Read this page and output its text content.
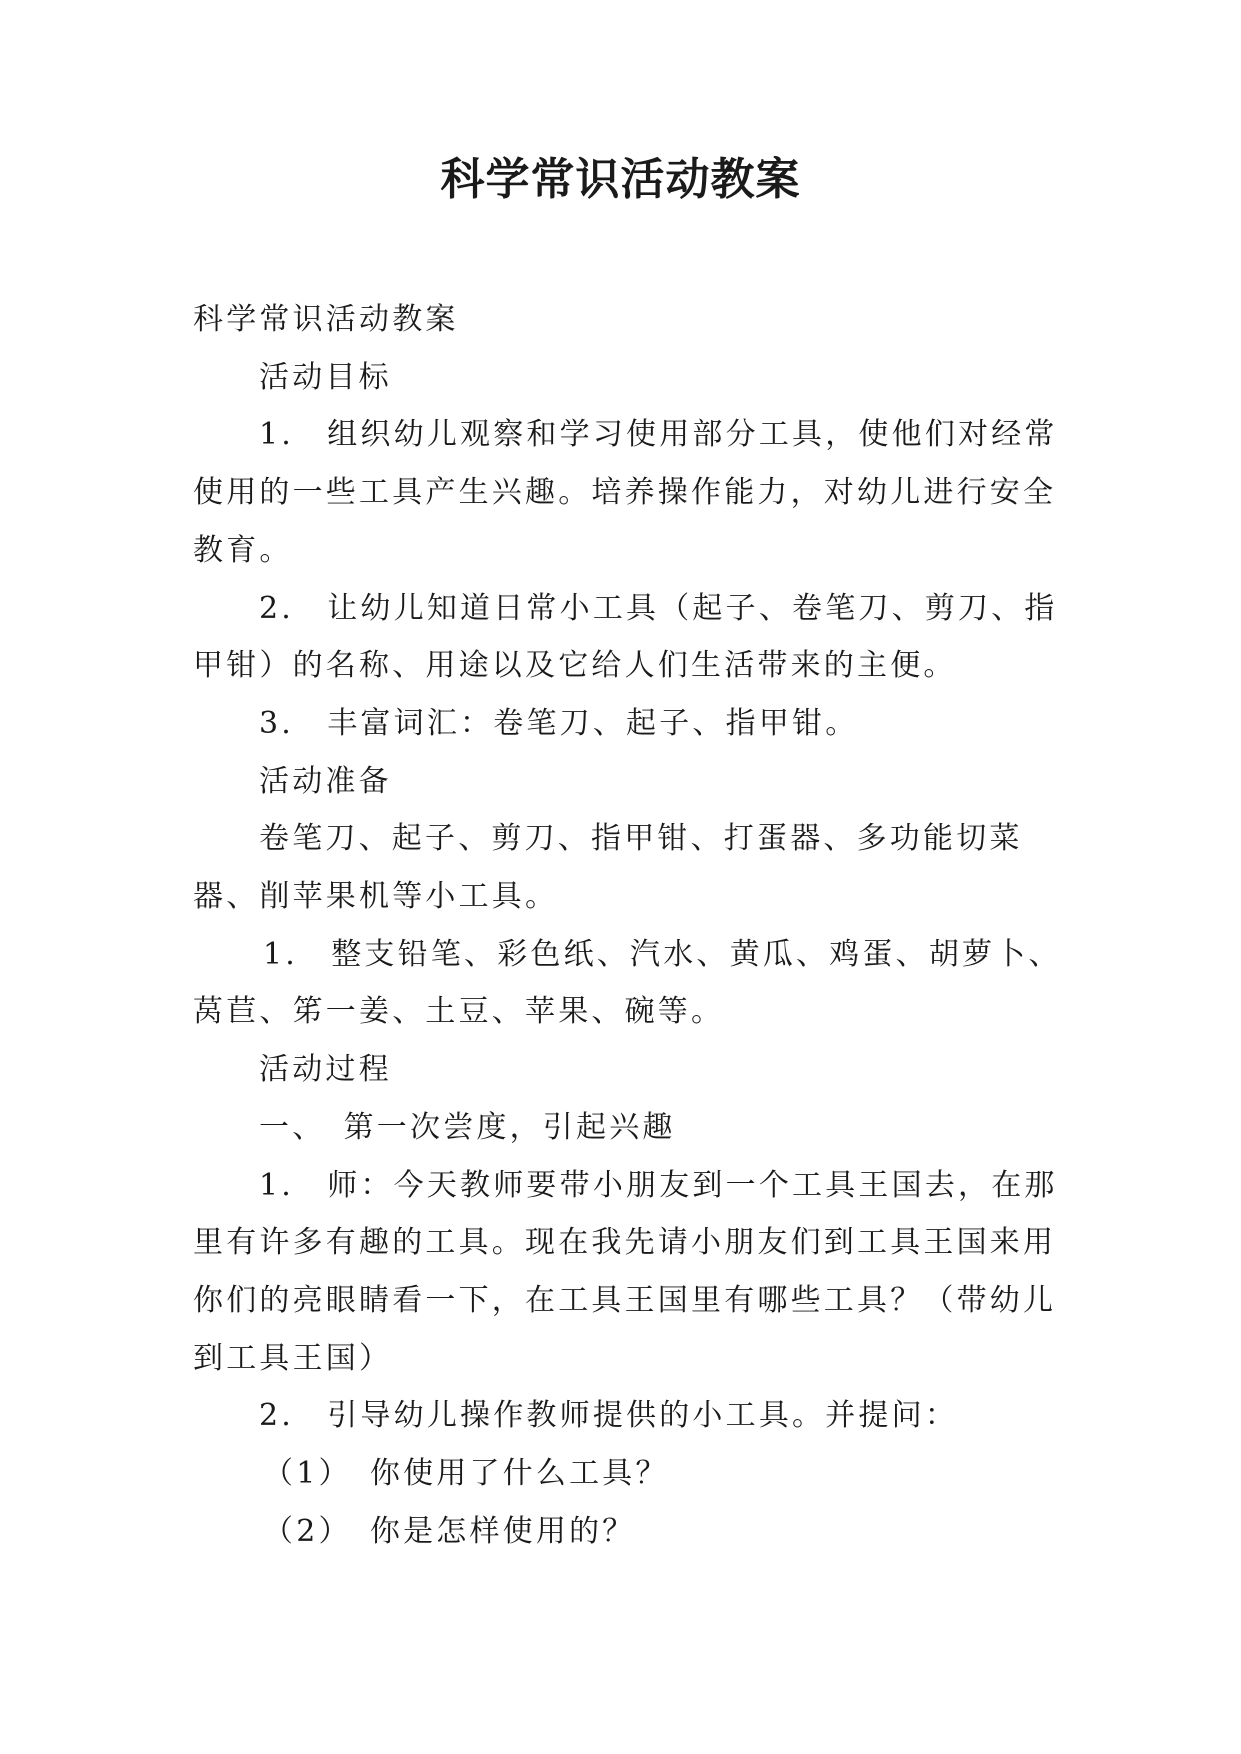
科学常识活动教案

科学常识活动教案

活动目标

1.　组织幼儿观察和学习使用部分工具，使他们对经常使用的一些工具产生兴趣。培养操作能力，对幼儿进行安全教育。

2.　让幼儿知道日常小工具（起子、卷笔刀、剪刀、指甲钳）的名称、用途以及它给人们生活带来的主便。

3.　丰富词汇：卷笔刀、起子、指甲钳。

活动准备

卷笔刀、起子、剪刀、指甲钳、打蛋器、多功能切菜器、削苹果机等小工具。

1.　整支铅笔、彩色纸、汽水、黄瓜、鸡蛋、胡萝卜、莴苣、笫一姜、土豆、苹果、碗等。

活动过程

一、　第一次尝度，引起兴趣

1.　师：今天教师要带小朋友到一个工具王国去，在那里有许多有趣的工具。现在我先请小朋友们到工具王国来用你们的亮眼睛看一下，在工具王国里有哪些工具？（带幼儿到工具王国）

2.　引导幼儿操作教师提供的小工具。并提问：

（1）　你使用了什么工具？

（2）　你是怎样使用的？
